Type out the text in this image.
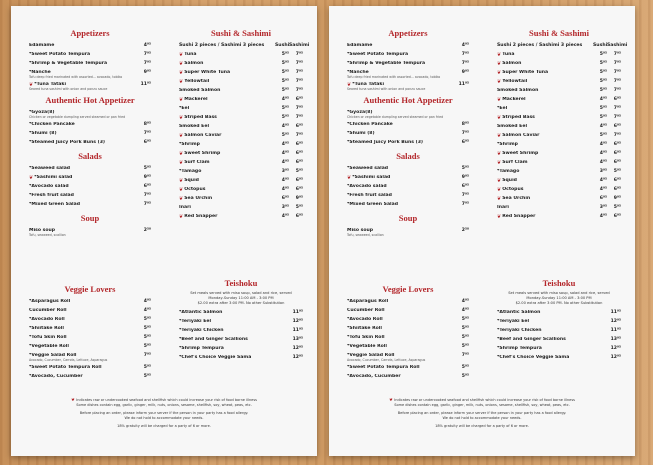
Appetizers
Edamame	4⁹⁵
*Sweet Potato Tempura	7⁹⁵
*Shrimp & Vegetable Tempura	7⁹⁵
*Nanche	9⁹⁵
Tofu deep fried marinated with assorted... avocado, tobiko
❦ *Tuna Tataki	11⁹⁵
Seared tuna sashimi with onion and ponzu sauce
Authentic Hot Appetizer
*Gyoza(8)
Chicken or vegetable dumpling served steamed or pan fried
*Chicken Pancake	8⁹⁵
*Shumi (8)	7⁹⁵
*Steamed Juicy Pork Buns (3)	6⁹⁵
Salads
*Seaweed salad	5⁹⁵
❦ *Sashimi salad	9⁹⁵
*Avocado salad	6⁹⁵
*Fresh fruit salad	7⁹⁵
*Mixed Green Salad	7⁹⁵
Soup
Miso soup	2⁵⁰
Tofu, seaweed, scallion
Sushi & Sashimi
Sushi 2 pieces / Sashimi 3 pieces	Sushi Sashimi
❦ Tuna	5⁹⁵	7⁹⁵
❦ Salmon	5⁹⁵	7⁹⁵
❦ Super White Tuna	5⁹⁵	7⁹⁵
❦ Yellowtail	5⁹⁵	7⁹⁵
Smoked Salmon	5⁹⁵	7⁹⁵
❦ Mackerel	4⁹⁵	6⁹⁵
*Eel	5⁹⁵	7⁹⁵
❦ Striped Bass	5⁹⁵	7⁹⁵
Smoked Eel	4⁹⁵	6⁹⁵
❦ Salmon Caviar	5⁹⁵	7⁹⁵
*Shrimp	4⁹⁵	6⁹⁵
❦ Sweet Shrimp	4⁹⁵	6⁹⁵
❦ Surf Clam	4⁹⁵	6⁹⁵
*Tamago	3⁹⁵	5⁹⁵
❦ Squid	4⁹⁵	6⁹⁵
❦ Octopus	4⁹⁵	6⁹⁵
❦ Sea Urchin	6⁹⁵	9⁹⁵
Inari	3⁹⁵	5⁹⁵
❦ Red Snapper	4⁹⁵	6⁹⁵
Veggie Lovers
*Asparagus Roll	4⁹⁵
Cucumber Roll	4⁹⁵
*Avocado Roll	5⁹⁵
*Shiitake Roll	5⁹⁵
*Tofu Skin Roll	5⁹⁵
*Vegetable Roll	5⁹⁵
*Veggie Salad Roll	7⁹⁵
Avocado, Cucumber, Carrots, Lettuce, Asparagus
*Sweet Potato Tempura Roll	5⁹⁵
*Avocado, Cucumber	5⁹⁵
Teishoku
Set meals served with miso soup, salad and rice, served
Monday-Sunday 11:00 AM - 3:00 PM
$2.00 extra after 3:00 PM. No other Substitution
*Atlantic Salmon	11⁹⁵
*Teriyaki Eel	12⁹⁵
*Teriyaki Chicken	11⁹⁵
*Beef and Ginger Scallions	13⁹⁵
*Shrimp Tempura	12⁹⁵
*Chef's Choice Veggie Sama	12⁹⁵
❦Indicates raw or undercooked seafood and shellfish which could increase your risk of food borne illness
Some dishes contain egg, garlic, ginger, milk, nuts, onions, sesame, shellfish, soy, wheat, peas, etc.
Before placing an order, please inform your server if the person in your party has a food allergy.
We do not hold to accommodate your needs.
18% gratuity will be charged for a party of 6 or more.
Appetizers
Edamame	4⁹⁵
*Sweet Potato Tempura	7⁹⁵
*Shrimp & Vegetable Tempura	7⁹⁵
*Nanche	9⁹⁵
Tofu deep fried marinated with assorted... avocado, tobiko
❦ *Tuna Tataki	11⁹⁵
Seared tuna sashimi with onion and ponzu sauce
Authentic Hot Appetizer
*Gyoza(8)
Chicken or vegetable dumpling served steamed or pan fried
*Chicken Pancake	8⁹⁵
*Shumi (8)	7⁹⁵
*Steamed Juicy Pork Buns (3)	6⁹⁵
Salads
*Seaweed salad	5⁹⁵
❦ *Sashimi salad	9⁹⁵
*Avocado salad	6⁹⁵
*Fresh fruit salad	7⁹⁵
*Mixed Green Salad	7⁹⁵
Soup
Miso soup	2⁵⁰
Tofu, seaweed, scallion
Sushi & Sashimi
Sushi 2 pieces / Sashimi 3 pieces	Sushi Sashimi
❦ Tuna	5⁹⁵	7⁹⁵
❦ Salmon	5⁹⁵	7⁹⁵
❦ Super White Tuna	5⁹⁵	7⁹⁵
❦ Yellowtail	5⁹⁵	7⁹⁵
Smoked Salmon	5⁹⁵	7⁹⁵
❦ Mackerel	4⁹⁵	6⁹⁵
*Eel	5⁹⁵	7⁹⁵
❦ Striped Bass	5⁹⁵	7⁹⁵
Smoked Eel	4⁹⁵	6⁹⁵
❦ Salmon Caviar	5⁹⁵	7⁹⁵
*Shrimp	4⁹⁵	6⁹⁵
❦ Sweet Shrimp	4⁹⁵	6⁹⁵
❦ Surf Clam	4⁹⁵	6⁹⁵
*Tamago	3⁹⁵	5⁹⁵
❦ Squid	4⁹⁵	6⁹⁵
❦ Octopus	4⁹⁵	6⁹⁵
❦ Sea Urchin	6⁹⁵	9⁹⁵
Inari	3⁹⁵	5⁹⁵
❦ Red Snapper	4⁹⁵	6⁹⁵
Veggie Lovers
*Asparagus Roll	4⁹⁵
Cucumber Roll	4⁹⁵
*Avocado Roll	5⁹⁵
*Shiitake Roll	5⁹⁵
*Tofu Skin Roll	5⁹⁵
*Vegetable Roll	5⁹⁵
*Veggie Salad Roll	7⁹⁵
Avocado, Cucumber, Carrots, Lettuce, Asparagus
*Sweet Potato Tempura Roll	5⁹⁵
*Avocado, Cucumber	5⁹⁵
Teishoku
Set meals served with miso soup, salad and rice, served
Monday-Sunday 11:00 AM - 3:00 PM
$2.00 extra after 3:00 PM. No other Substitution
*Atlantic Salmon	11⁹⁵
*Teriyaki Eel	12⁹⁵
*Teriyaki Chicken	11⁹⁵
*Beef and Ginger Scallions	13⁹⁵
*Shrimp Tempura	12⁹⁵
*Chef's Choice Veggie Sama	12⁹⁵
❦Indicates raw or undercooked seafood and shellfish which could increase your risk of food borne illness
Some dishes contain egg, garlic, ginger, milk, nuts, onions, sesame, shellfish, soy, wheat, peas, etc.
Before placing an order, please inform your server if the person in your party has a food allergy.
We do not hold to accommodate your needs.
18% gratuity will be charged for a party of 6 or more.
